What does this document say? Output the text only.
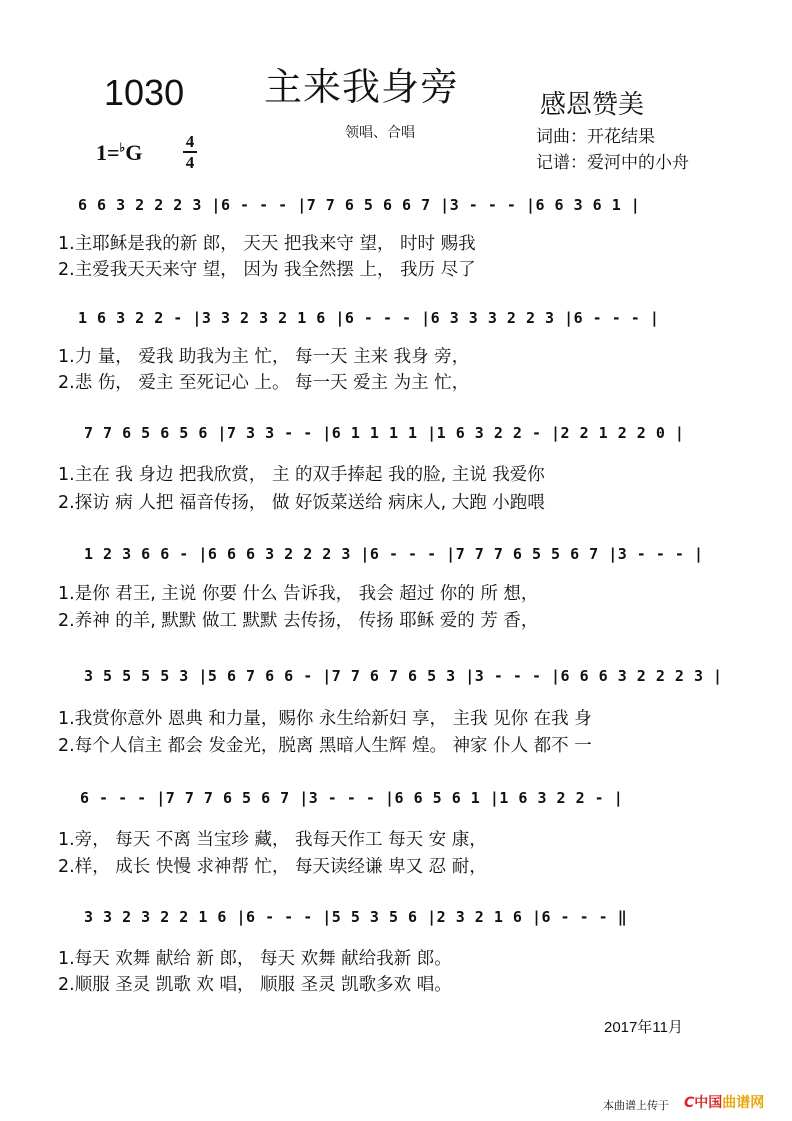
1030 主来我身旁	感恩赞美
1=♭G	4
4
领唱、合唱	词曲：开花结果
记谱：爱河中的小舟
6 6 3 2 2 2 3 |6 - - - |7 7 6 5 6 6 7 |3 - - - |6 6 3 6 1 |
1.主耶稣是我的新 郎， 天天 把我来守 望， 时时 赐我
2.主爱我天天来守 望， 因为 我全然摆 上， 我历 尽了
1 6 3 2 2 - |3 3 2 3 2 1 6 |6 - - - |6 3 3 3 2 2 3 |6 - - - |
1.力 量， 爱我 助我为主 忙， 每一天 主来 我身 旁，
2.悲 伤， 爱主 至死记心 上。 每一天 爱主 为主 忙，
7 7 6 5 6 5 6 |7 3 3 - - |6 1 1 1 1 |1 6 3 2 2 - |2 2 1 2 2 0 |
1.主在 我 身边 把我欣赏， 主 的双手捧起 我的脸, 主说 我爱你
2.探访 病 人把 福音传扬， 做 好饭菜送给 病床人, 大跑 小跑喂
1 2 3 6 6 - |6 6 6 3 2 2 2 3 |6 - - - |7 7 7 6 5 5 6 7 |3 - - - |
1.是你 君王, 主说 你要 什么 告诉我， 我会 超过 你的 所 想，
2.养神 的羊, 默默 做工 默默 去传扬， 传扬 耶稣 爱的 芳 香，
3 5 5 5 5 3 |5 6 7 6 6 - |7 7 6 7 6 5 3 |3 - - - |6 6 6 3 2 2 2 3 |
1.我赏你意外 恩典 和力量，赐你 永生给新妇 享， 主我 见你 在我 身
2.每个人信主 都会 发金光，脱离 黑暗人生辉 煌。 神家 仆人 都不 一
6 - - - |7 7 7 6 5 6 7 |3 - - - |6 6 5 6 1 |1 6 3 2 2 - |
1.旁， 每天 不离 当宝珍 藏， 我每天作工 每天 安 康，
2.样， 成长 快慢 求神帮 忙， 每天读经谦 卑又 忍 耐，
3 3 2 3 2 2 1 6 |6 - - - |5 5 3 5 6 |2 3 2 1 6 |6 - - - ‖
1.每天 欢舞 献给 新 郎， 每天 欢舞 献给我新 郎。
2.顺服 圣灵 凯歌 欢 唱， 顺服 圣灵 凯歌多欢 唱。
2017年11月
本曲谱上传于 C中国曲谱网
